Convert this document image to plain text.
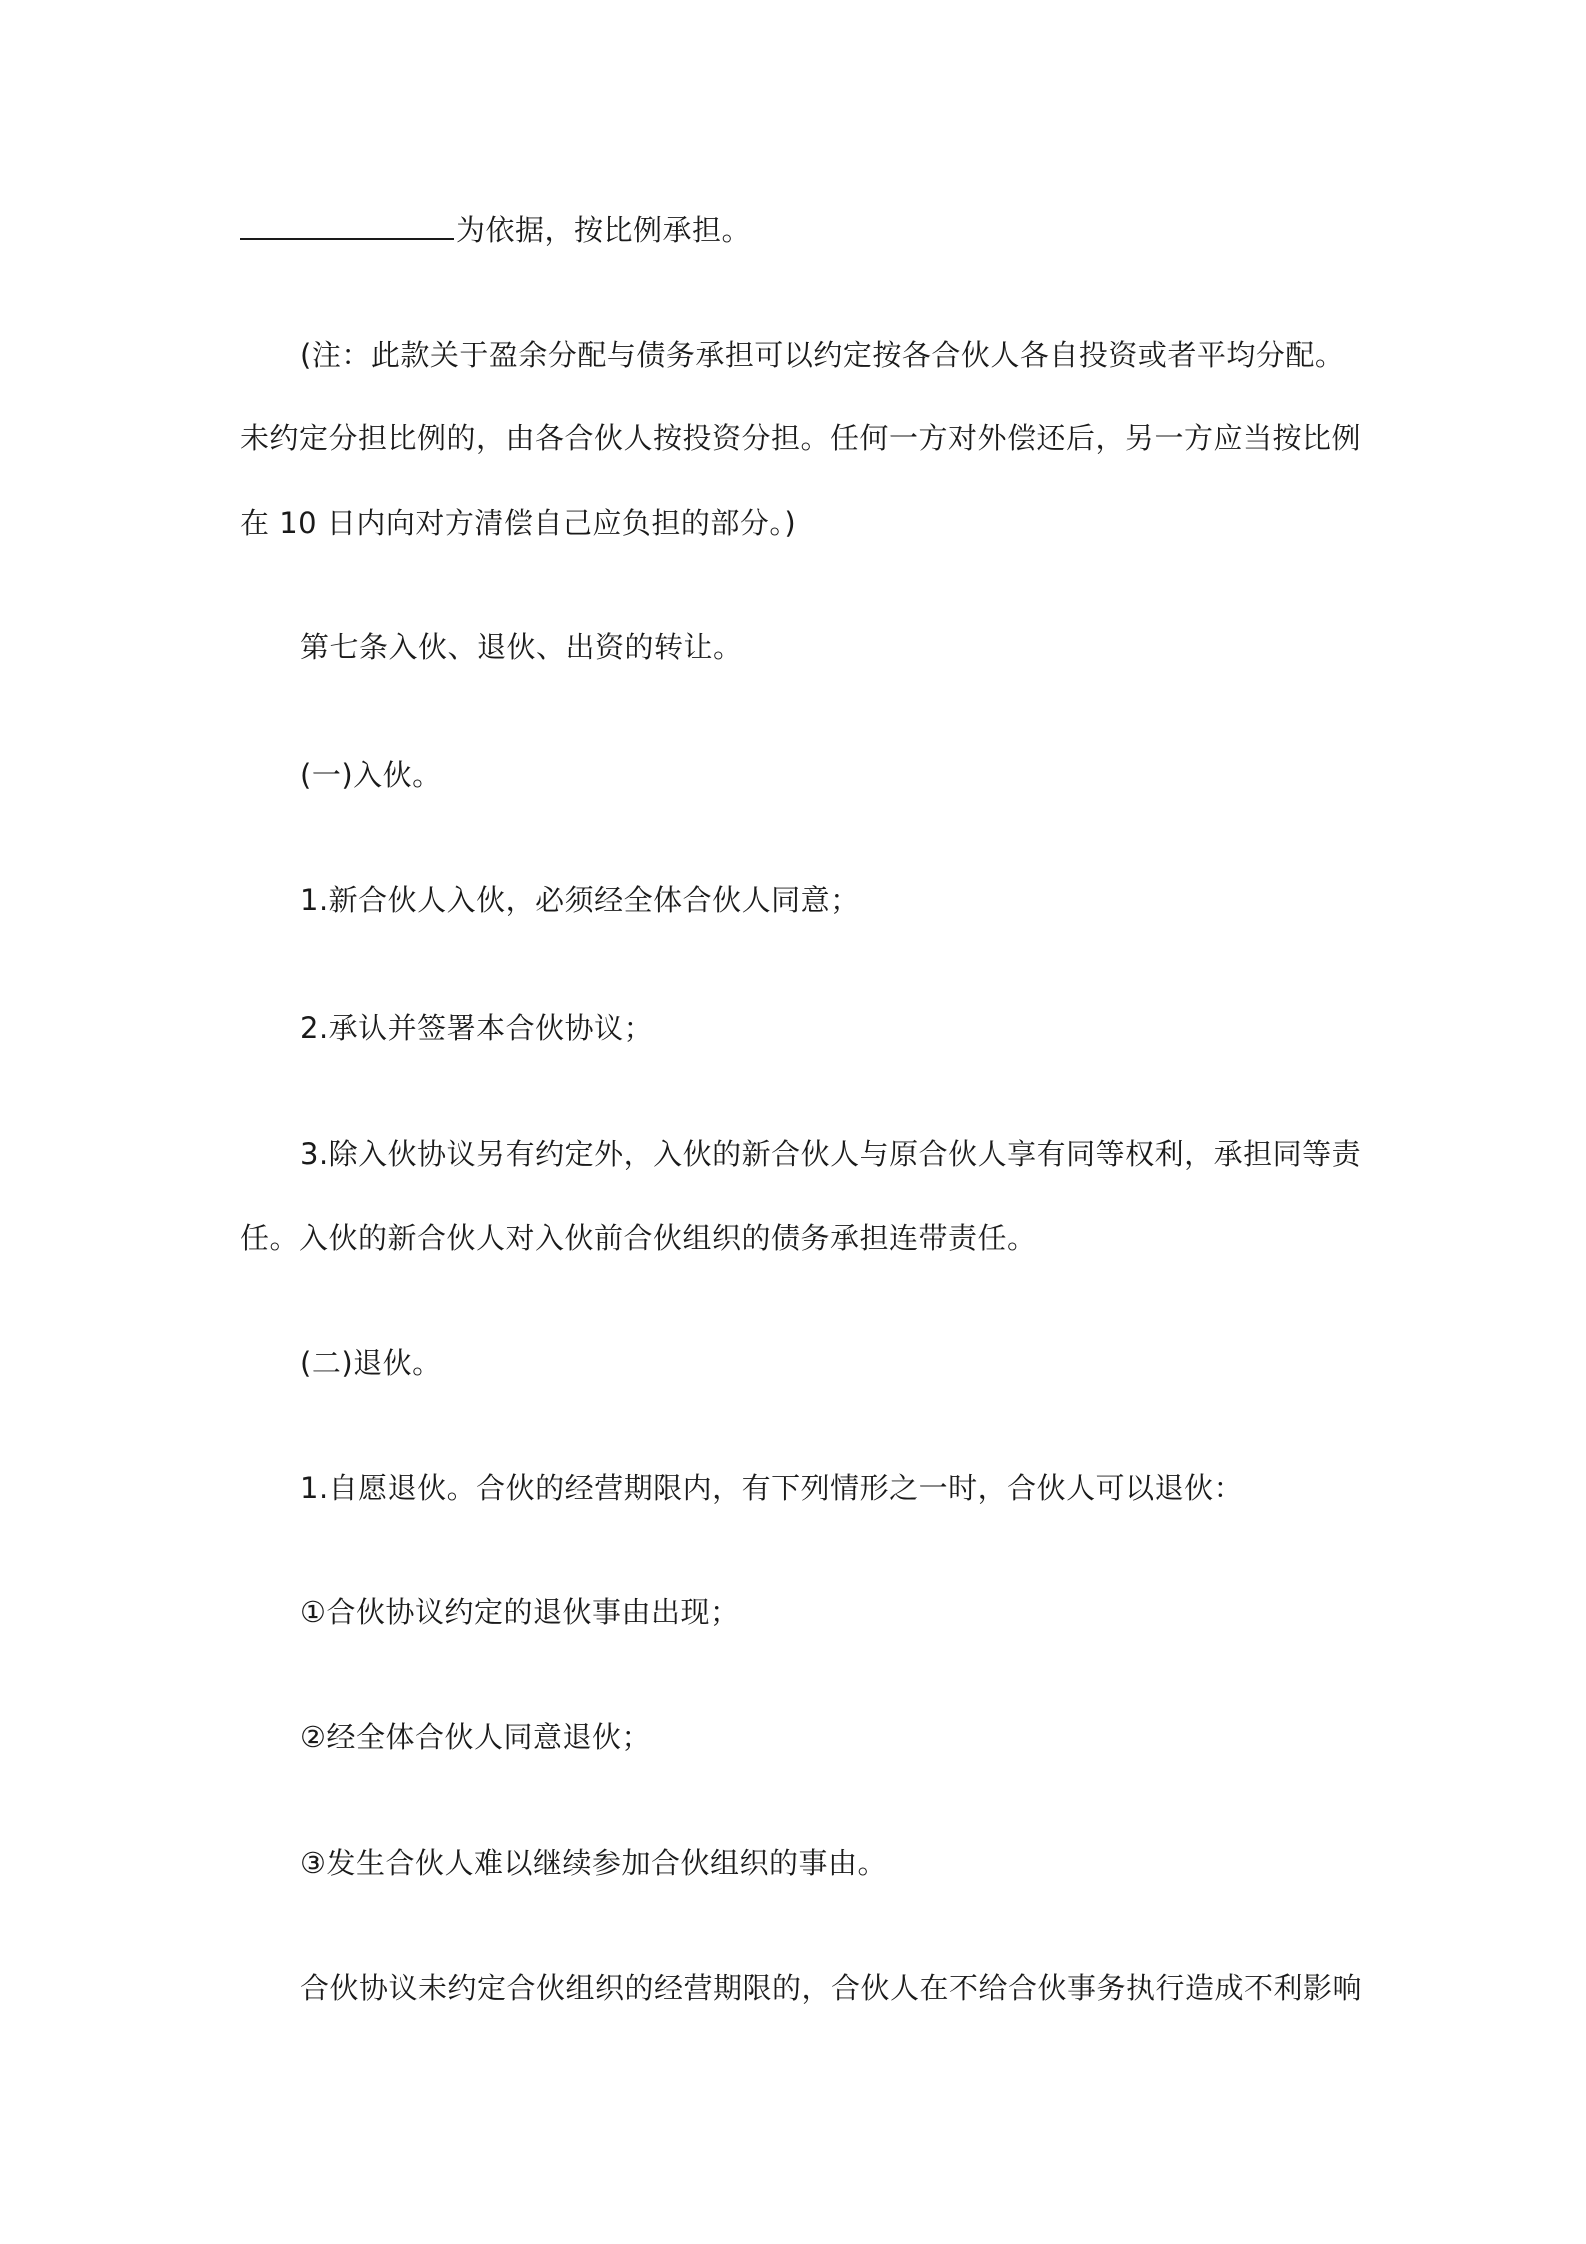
为依据，按比例承担。
(注：此款关于盈余分配与债务承担可以约定按各合伙人各自投资或者平均分配。
未约定分担比例的，由各合伙人按投资分担。任何一方对外偿还后，另一方应当按比例
在 10 日内向对方清偿自己应负担的部分。)
第七条入伙、退伙、出资的转让。
(一)入伙。
1.新合伙人入伙，必须经全体合伙人同意；
2.承认并签署本合伙协议；
3.除入伙协议另有约定外，入伙的新合伙人与原合伙人享有同等权利，承担同等责
任。入伙的新合伙人对入伙前合伙组织的债务承担连带责任。
(二)退伙。
1.自愿退伙。合伙的经营期限内，有下列情形之一时，合伙人可以退伙：
①合伙协议约定的退伙事由出现；
②经全体合伙人同意退伙；
③发生合伙人难以继续参加合伙组织的事由。
合伙协议未约定合伙组织的经营期限的，合伙人在不给合伙事务执行造成不利影响
